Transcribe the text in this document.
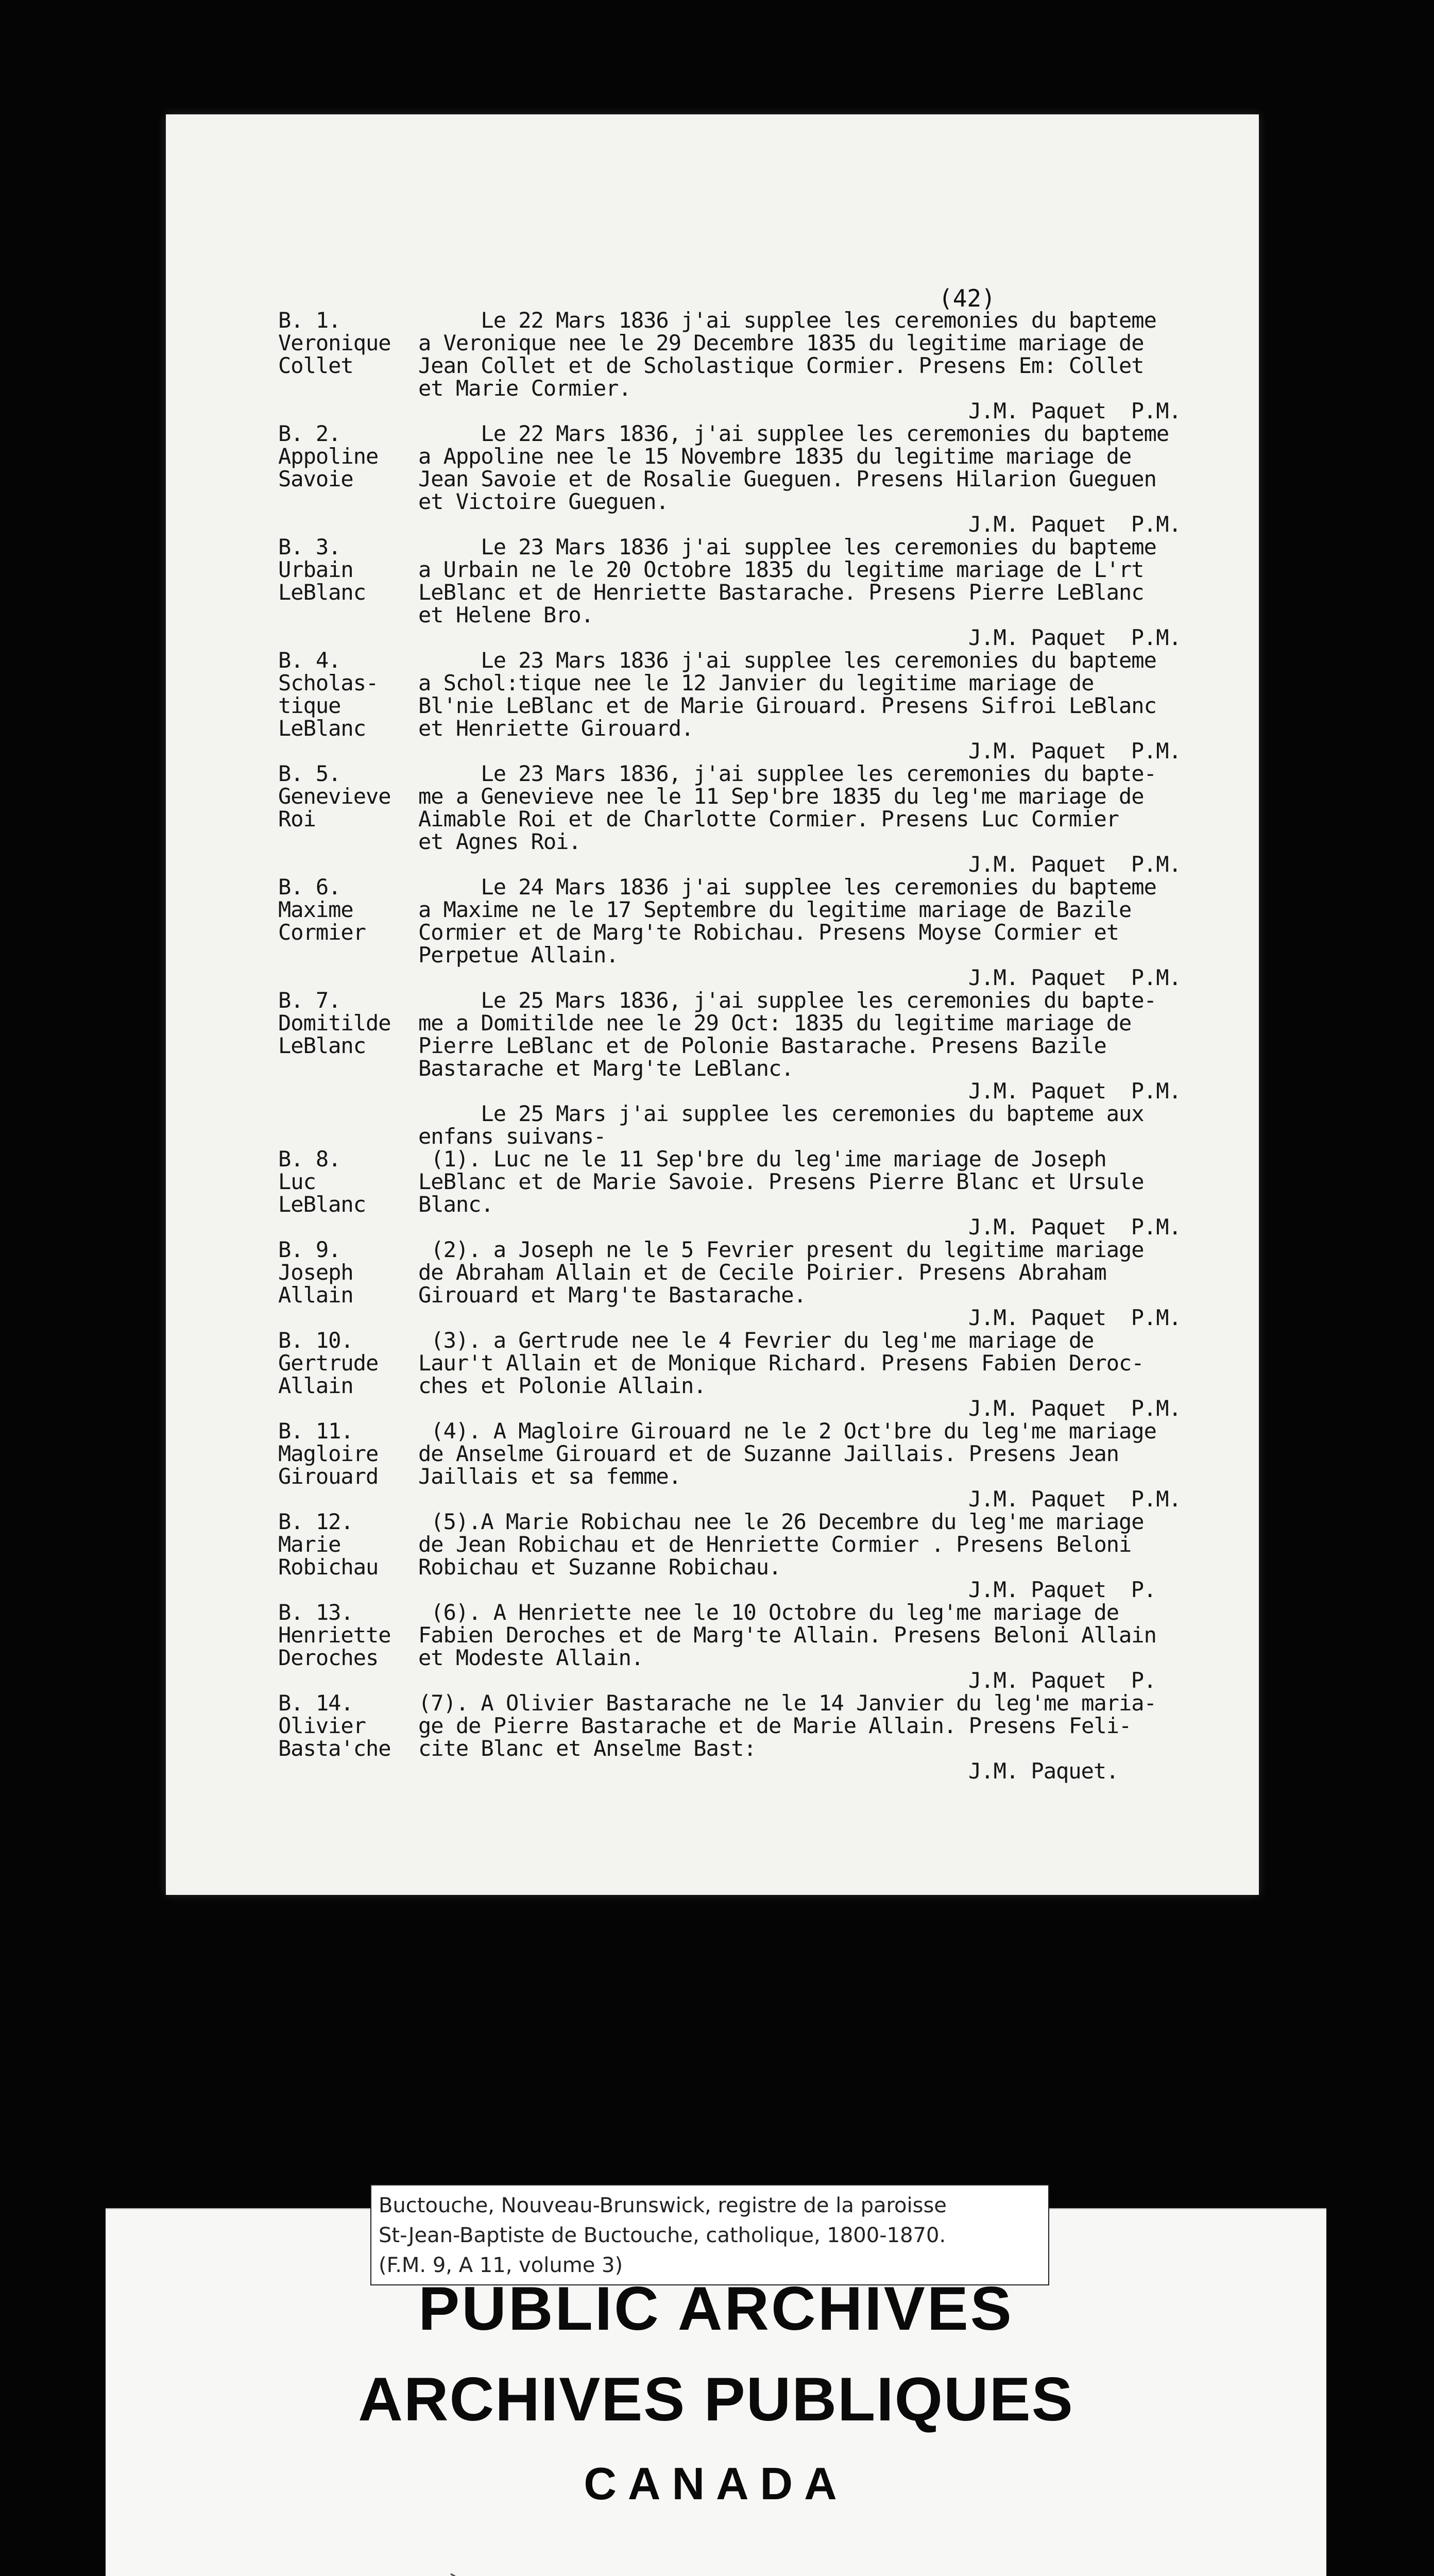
(42)
B. 1.
Veronique
Collet
Le 22 Mars 1836 j'ai supplee les ceremonies du bapteme
a Veronique nee le 29 Decembre 1835 du legitime mariage de
Jean Collet et de Scholastique Cormier. Presens Em: Collet
et Marie Cormier.
J.M. Paquet  P.M.
B. 2.
Appoline
Savoie
Le 22 Mars 1836, j'ai supplee les ceremonies du bapteme
a Appoline nee le 15 Novembre 1835 du legitime mariage de
Jean Savoie et de Rosalie Gueguen. Presens Hilarion Gueguen
et Victoire Gueguen.
J.M. Paquet  P.M.
B. 3.
Urbain
LeBlanc
Le 23 Mars 1836 j'ai supplee les ceremonies du bapteme
a Urbain ne le 20 Octobre 1835 du legitime mariage de L'rt
LeBlanc et de Henriette Bastarache. Presens Pierre LeBlanc
et Helene Bro.
J.M. Paquet  P.M.
B. 4.
Scholas-
tique
LeBlanc
Le 23 Mars 1836 j'ai supplee les ceremonies du bapteme
a Schol:tique nee le 12 Janvier du legitime mariage de
Bl'nie LeBlanc et de Marie Girouard. Presens Sifroi LeBlanc
et Henriette Girouard.
J.M. Paquet  P.M.
B. 5.
Genevieve
Roi
Le 23 Mars 1836, j'ai supplee les ceremonies du bapte-
me a Genevieve nee le 11 Sep'bre 1835 du leg'me mariage de
Aimable Roi et de Charlotte Cormier. Presens Luc Cormier
et Agnes Roi.
J.M. Paquet  P.M.
B. 6.
Maxime
Cormier
Le 24 Mars 1836 j'ai supplee les ceremonies du bapteme
a Maxime ne le 17 Septembre du legitime mariage de Bazile
Cormier et de Marg'te Robichau. Presens Moyse Cormier et
Perpetue Allain.
J.M. Paquet  P.M.
B. 7.
Domitilde
LeBlanc
Le 25 Mars 1836, j'ai supplee les ceremonies du bapte-
me a Domitilde nee le 29 Oct: 1835 du legitime mariage de
Pierre LeBlanc et de Polonie Bastarache. Presens Bazile
Bastarache et Marg'te LeBlanc.
J.M. Paquet  P.M.
Le 25 Mars j'ai supplee les ceremonies du bapteme aux
enfans suivans-
B. 8.
Luc
LeBlanc
(1). Luc ne le 11 Sep'bre du leg'ime mariage de Joseph
LeBlanc et de Marie Savoie. Presens Pierre Blanc et Ursule
Blanc.
J.M. Paquet  P.M.
B. 9.
Joseph
Allain
(2). a Joseph ne le 5 Fevrier present du legitime mariage
de Abraham Allain et de Cecile Poirier. Presens Abraham
Girouard et Marg'te Bastarache.
J.M. Paquet  P.M.
B. 10.
Gertrude
Allain
(3). a Gertrude nee le 4 Fevrier du leg'me mariage de
Laur't Allain et de Monique Richard. Presens Fabien Deroc-
ches et Polonie Allain.
J.M. Paquet  P.M.
B. 11.
Magloire
Girouard
(4). A Magloire Girouard ne le 2 Oct'bre du leg'me mariage
de Anselme Girouard et de Suzanne Jaillais. Presens Jean
Jaillais et sa femme.
J.M. Paquet  P.M.
B. 12.
Marie
Robichau
(5).A Marie Robichau nee le 26 Decembre du leg'me mariage
de Jean Robichau et de Henriette Cormier . Presens Beloni
Robichau et Suzanne Robichau.
J.M. Paquet  P.
B. 13.
Henriette
Deroches
(6). A Henriette nee le 10 Octobre du leg'me mariage de
Fabien Deroches et de Marg'te Allain. Presens Beloni Allain
et Modeste Allain.
J.M. Paquet  P.
B. 14.
Olivier
Basta'che
(7). A Olivier Bastarache ne le 14 Janvier du leg'me maria-
ge de Pierre Bastarache et de Marie Allain. Presens Feli-
cite Blanc et Anselme Bast:
J.M. Paquet.
Buctouche, Nouveau-Brunswick, registre de la paroisse
St-Jean-Baptiste de Buctouche, catholique, 1800-1870.
(F.M. 9, A 11, volume 3)
PUBLIC ARCHIVES
ARCHIVES PUBLIQUES
CANADA
